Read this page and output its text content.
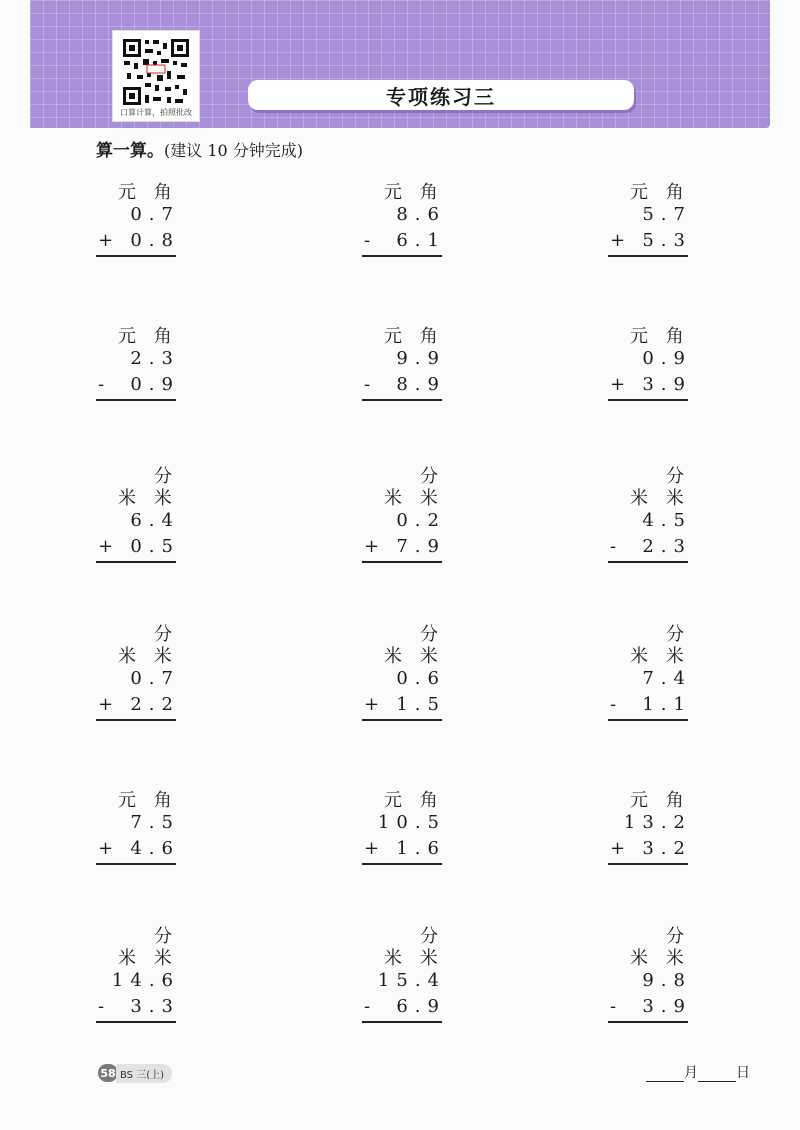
口算计算，拍照批改
专项练习三
算一算。(建议 10 分钟完成)
元 角
0.7
+ 0.8
元 角
8.6
- 6.1
元 角
5.7
+ 5.3
元 角
2.3
- 0.9
元 角
9.9
- 8.9
元 角
0.9
+ 3.9
分
米 米
6.4
+ 0.5
分
米 米
0.2
+ 7.9
分
米 米
4.5
- 2.3
分
米 米
0.7
+ 2.2
分
米 米
0.6
+ 1.5
分
米 米
7.4
- 1.1
元 角
7.5
+ 4.6
元 角
10.5
+ 1.6
元 角
13.2
+ 3.2
分
米 米
14.6
- 3.3
分
米 米
15.4
- 6.9
分
米 米
9.8
- 3.9
58 BS 三(上)	月	日
